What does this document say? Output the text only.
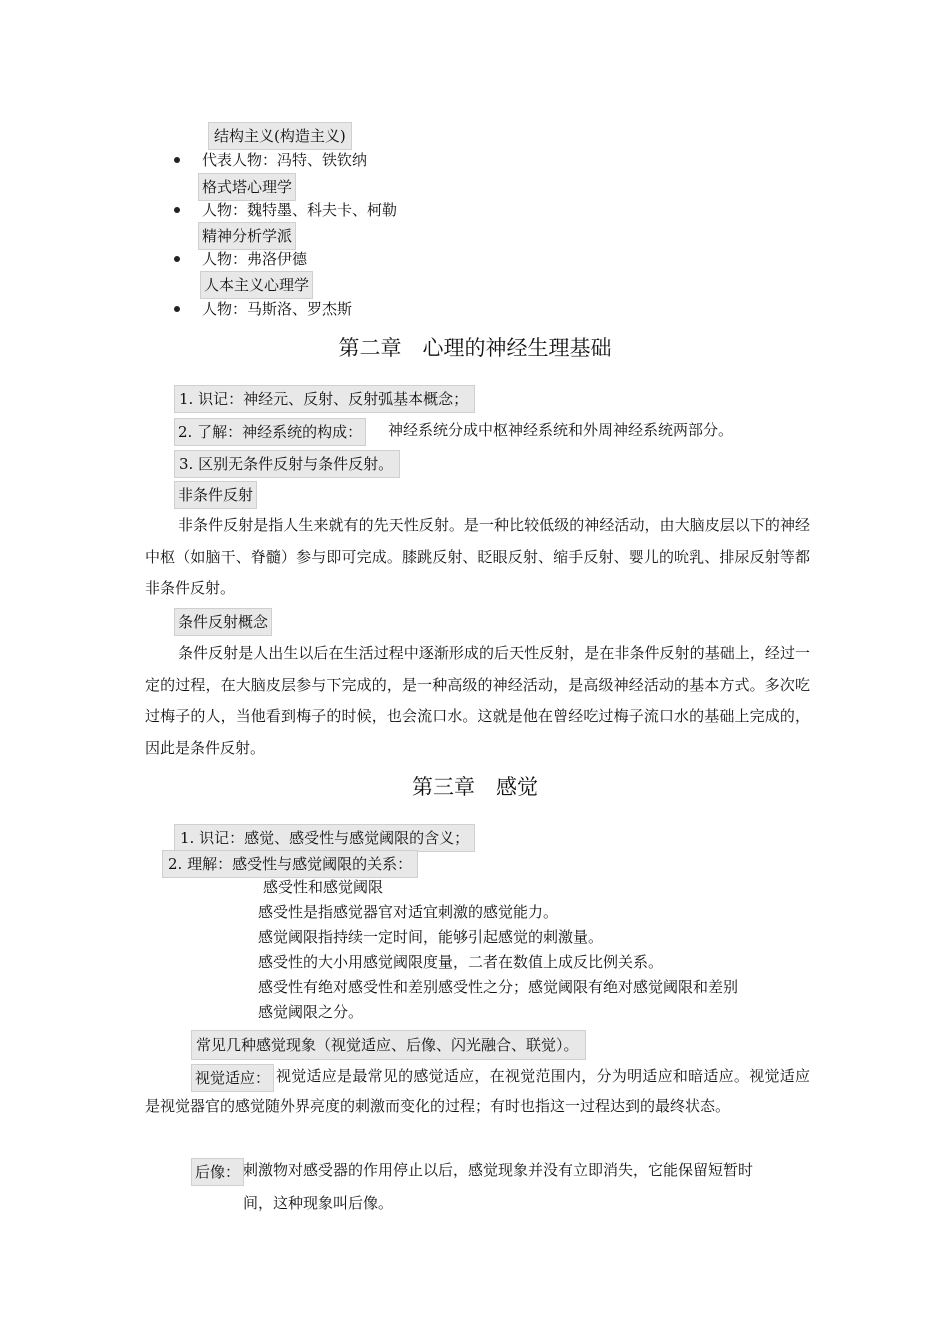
结构主义(构造主义)
代表人物：冯特、铁钦纳
格式塔心理学
人物：魏特墨、科夫卡、柯勒
精神分析学派
人物：弗洛伊德
人本主义心理学
人物：马斯洛、罗杰斯
第二章　心理的神经生理基础
1. 识记：神经元、反射、反射弧基本概念；
2. 了解：神经系统的构成： 神经系统分成中枢神经系统和外周神经系统两部分。
3. 区别无条件反射与条件反射。
非条件反射
非条件反射是指人生来就有的先天性反射。是一种比较低级的神经活动，由大脑皮层以下的神经中枢（如脑干、脊髓）参与即可完成。膝跳反射、眨眼反射、缩手反射、婴儿的吮乳、排尿反射等都非条件反射。
条件反射概念
条件反射是人出生以后在生活过程中逐渐形成的后天性反射，是在非条件反射的基础上，经过一定的过程，在大脑皮层参与下完成的，是一种高级的神经活动，是高级神经活动的基本方式。多次吃过梅子的人，当他看到梅子的时候，也会流口水。这就是他在曾经吃过梅子流口水的基础上完成的，因此是条件反射。
第三章　感觉
1. 识记：感觉、感受性与感觉阈限的含义；
2. 理解：感受性与感觉阈限的关系：
感受性和感觉阈限
感受性是指感觉器官对适宜刺激的感觉能力。
感觉阈限指持续一定时间，能够引起感觉的刺激量。
感受性的大小用感觉阈限度量，二者在数值上成反比例关系。
感受性有绝对感受性和差别感受性之分；感觉阈限有绝对感觉阈限和差别
感觉阈限之分。
常见几种感觉现象（视觉适应、后像、闪光融合、联觉）。
视觉适应： 视觉适应是最常见的感觉适应，在视觉范围内，分为明适应和暗适应。视觉适应是视觉器官的感觉随外界亮度的刺激而变化的过程；有时也指这一过程达到的最终状态。
后像： 刺激物对感受器的作用停止以后，感觉现象并没有立即消失，它能保留短暂时
间，这种现象叫后像。
